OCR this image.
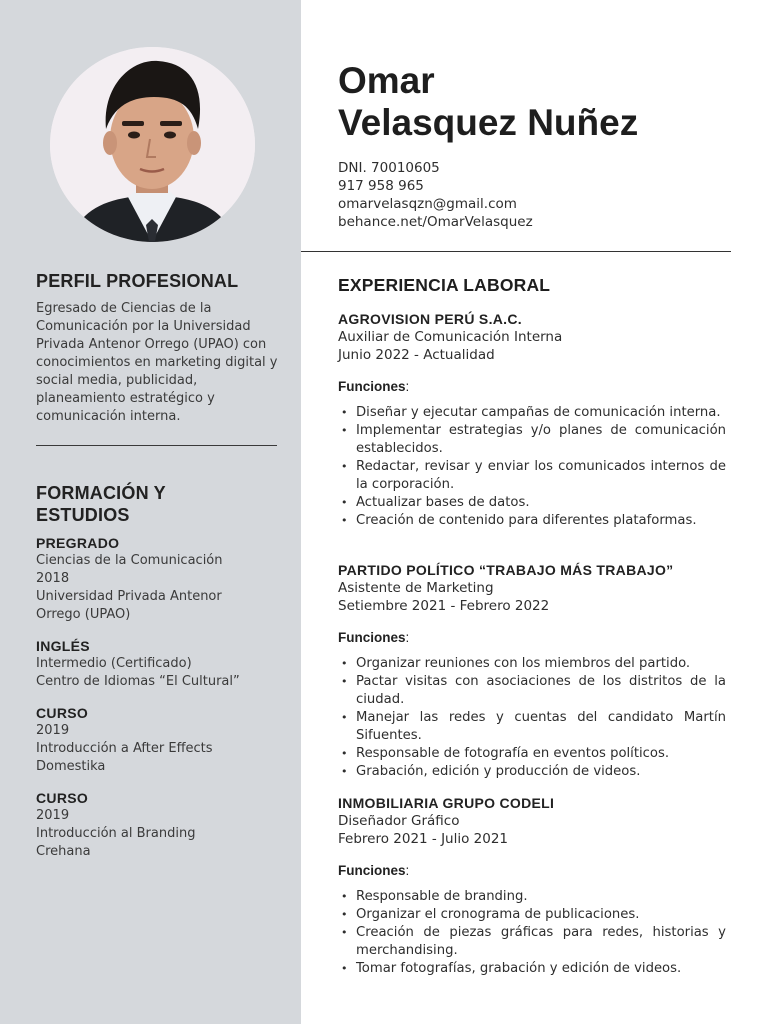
PERFIL PROFESIONAL
Egresado de Ciencias de la Comunicación por la Universidad Privada Antenor Orrego (UPAO) con conocimientos en marketing digital y social media, publicidad, planeamiento estratégico y comunicación interna.
FORMACIÓN Y
ESTUDIOS
PREGRADO
Ciencias de la Comunicación
2018
Universidad Privada Antenor
Orrego (UPAO)
INGLÉS
Intermedio (Certificado)
Centro de Idiomas “El Cultural”
CURSO
2019
Introducción a After Effects
Domestika
CURSO
2019
Introducción al Branding
Crehana
Omar
Velasquez Nuñez
DNI. 70010605
917 958 965
omarvelasqzn@gmail.com
behance.net/OmarVelasquez
EXPERIENCIA LABORAL
AGROVISION PERÚ S.A.C.
Auxiliar de Comunicación Interna
Junio 2022 - Actualidad
Funciones:
• Diseñar y ejecutar campañas de comunicación interna.
• Implementar estrategias y/o planes de comunicación establecidos.
• Redactar, revisar y enviar los comunicados internos de la corporación.
• Actualizar bases de datos.
• Creación de contenido para diferentes plataformas.
PARTIDO POLÍTICO “TRABAJO MÁS TRABAJO”
Asistente de Marketing
Setiembre 2021 - Febrero 2022
Funciones:
• Organizar reuniones con los miembros del partido.
• Pactar visitas con asociaciones de los distritos de la ciudad.
• Manejar las redes y cuentas del candidato Martín Sifuentes.
• Responsable de fotografía en eventos políticos.
• Grabación, edición y producción de videos.
INMOBILIARIA GRUPO CODELI
Diseñador Gráfico
Febrero 2021 - Julio 2021
Funciones:
• Responsable de branding.
• Organizar el cronograma de publicaciones.
• Creación de piezas gráficas para redes, historias y merchandising.
• Tomar fotografías, grabación y edición de videos.
